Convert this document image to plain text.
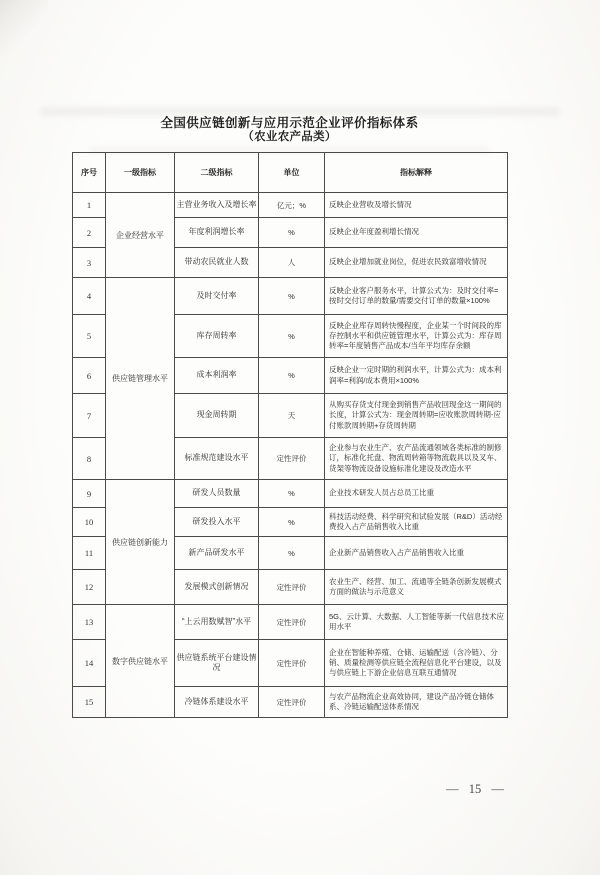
全国供应链创新与应用示范企业评价指标体系
（农业农产品类）
序号	一级指标	二级指标	单位	指标解释
1	企业经营水平	主营业务收入及增长率	亿元；%	反映企业营收及增长情况
2		年度利润增长率	%	反映企业年度盈利增长情况
3		带动农民就业人数	人	反映企业增加就业岗位，促进农民致富增收情况
4	供应链管理水平	及时交付率	%	反映企业客户服务水平，计算公式为：及时交付率=按时交付订单的数量/需要交付订单的数量×100%
5		库存周转率	%	反映企业库存周转快慢程度，企业某一个时间段的库存控制水平和供应链管理水平，计算公式为：库存周转率=年度销售产品成本/当年平均库存余额
6		成本利润率	%	反映企业一定时期的利润水平，计算公式为：成本利润率=利润/成本费用×100%
7		现金周转期	天	从购买存货支付现金到销售产品收回现金这一期间的长度，计算公式为：现金周转期=应收账款周转期-应付账款周转期+存货周转期
8		标准规范建设水平	定性评价	企业参与农业生产、农产品流通领域各类标准的制修订，标准化托盘、物流周转箱等物流载具以及叉车、货架等物流设备设施标准化建设及改造水平
9	供应链创新能力	研发人员数量	%	企业技术研发人员占总员工比重
10		研发投入水平	%	科技活动经费、科学研究和试验发展（R&D）活动经费投入占产品销售收入比重
11		新产品研发水平	%	企业新产品销售收入占产品销售收入比重
12		发展模式创新情况	定性评价	农业生产、经营、加工、流通等全链条创新发展模式方面的做法与示范意义
13	数字供应链水平	“上云用数赋智”水平	定性评价	5G、云计算、大数据、人工智能等新一代信息技术应用水平
14		供应链系统平台建设情况	定性评价	企业在智能种养殖、仓储、运输配送（含冷链）、分销、质量检测等供应链全流程信息化平台建设，以及与供应链上下游企业信息互联互通情况
15		冷链体系建设水平	定性评价	与农产品物流企业高效协同，建设产品冷链仓储体系、冷链运输配送体系情况
— 15 —
